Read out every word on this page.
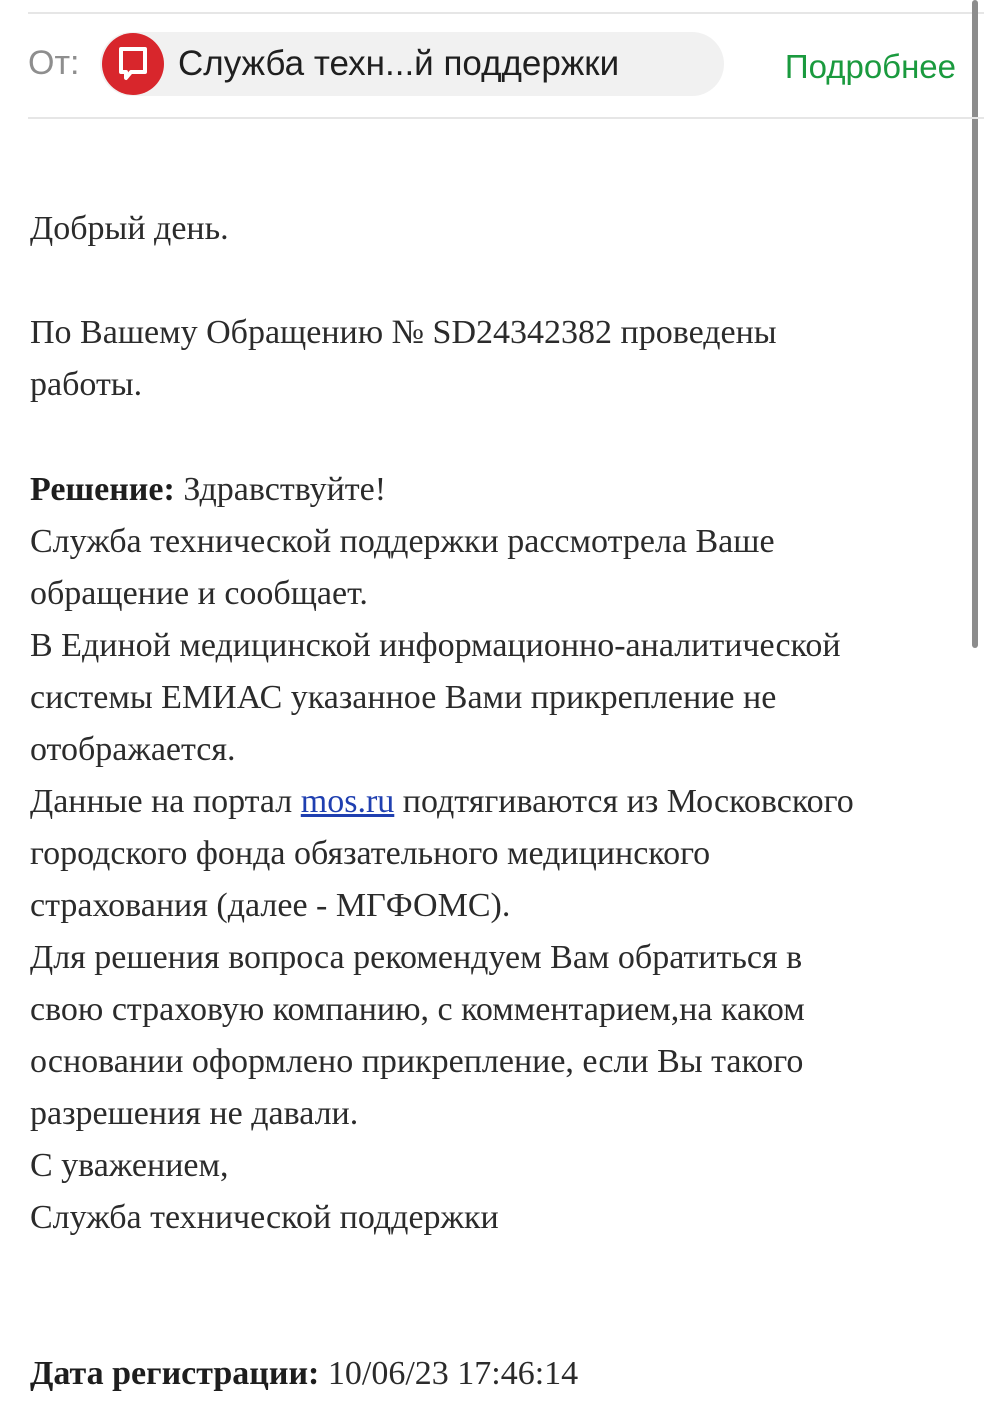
От:	Служба техн...й поддержки	Подробнее
Добрый день.
По Вашему Обращению № SD24342382 проведены
работы.
Решение: Здравствуйте!
Служба технической поддержки рассмотрела Ваше
обращение и сообщает.
В Единой медицинской информационно-аналитической
системы ЕМИАС указанное Вами прикрепление не
отображается.
Данные на портал mos.ru подтягиваются из Московского
городского фонда обязательного медицинского
страхования (далее - МГФОМС).
Для решения вопроса рекомендуем Вам обратиться в
свою страховую компанию, с комментарием,на каком
основании оформлено прикрепление, если Вы такого
разрешения не давали.
С уважением,
Служба технической поддержки
Дата регистрации: 10/06/23 17:46:14
